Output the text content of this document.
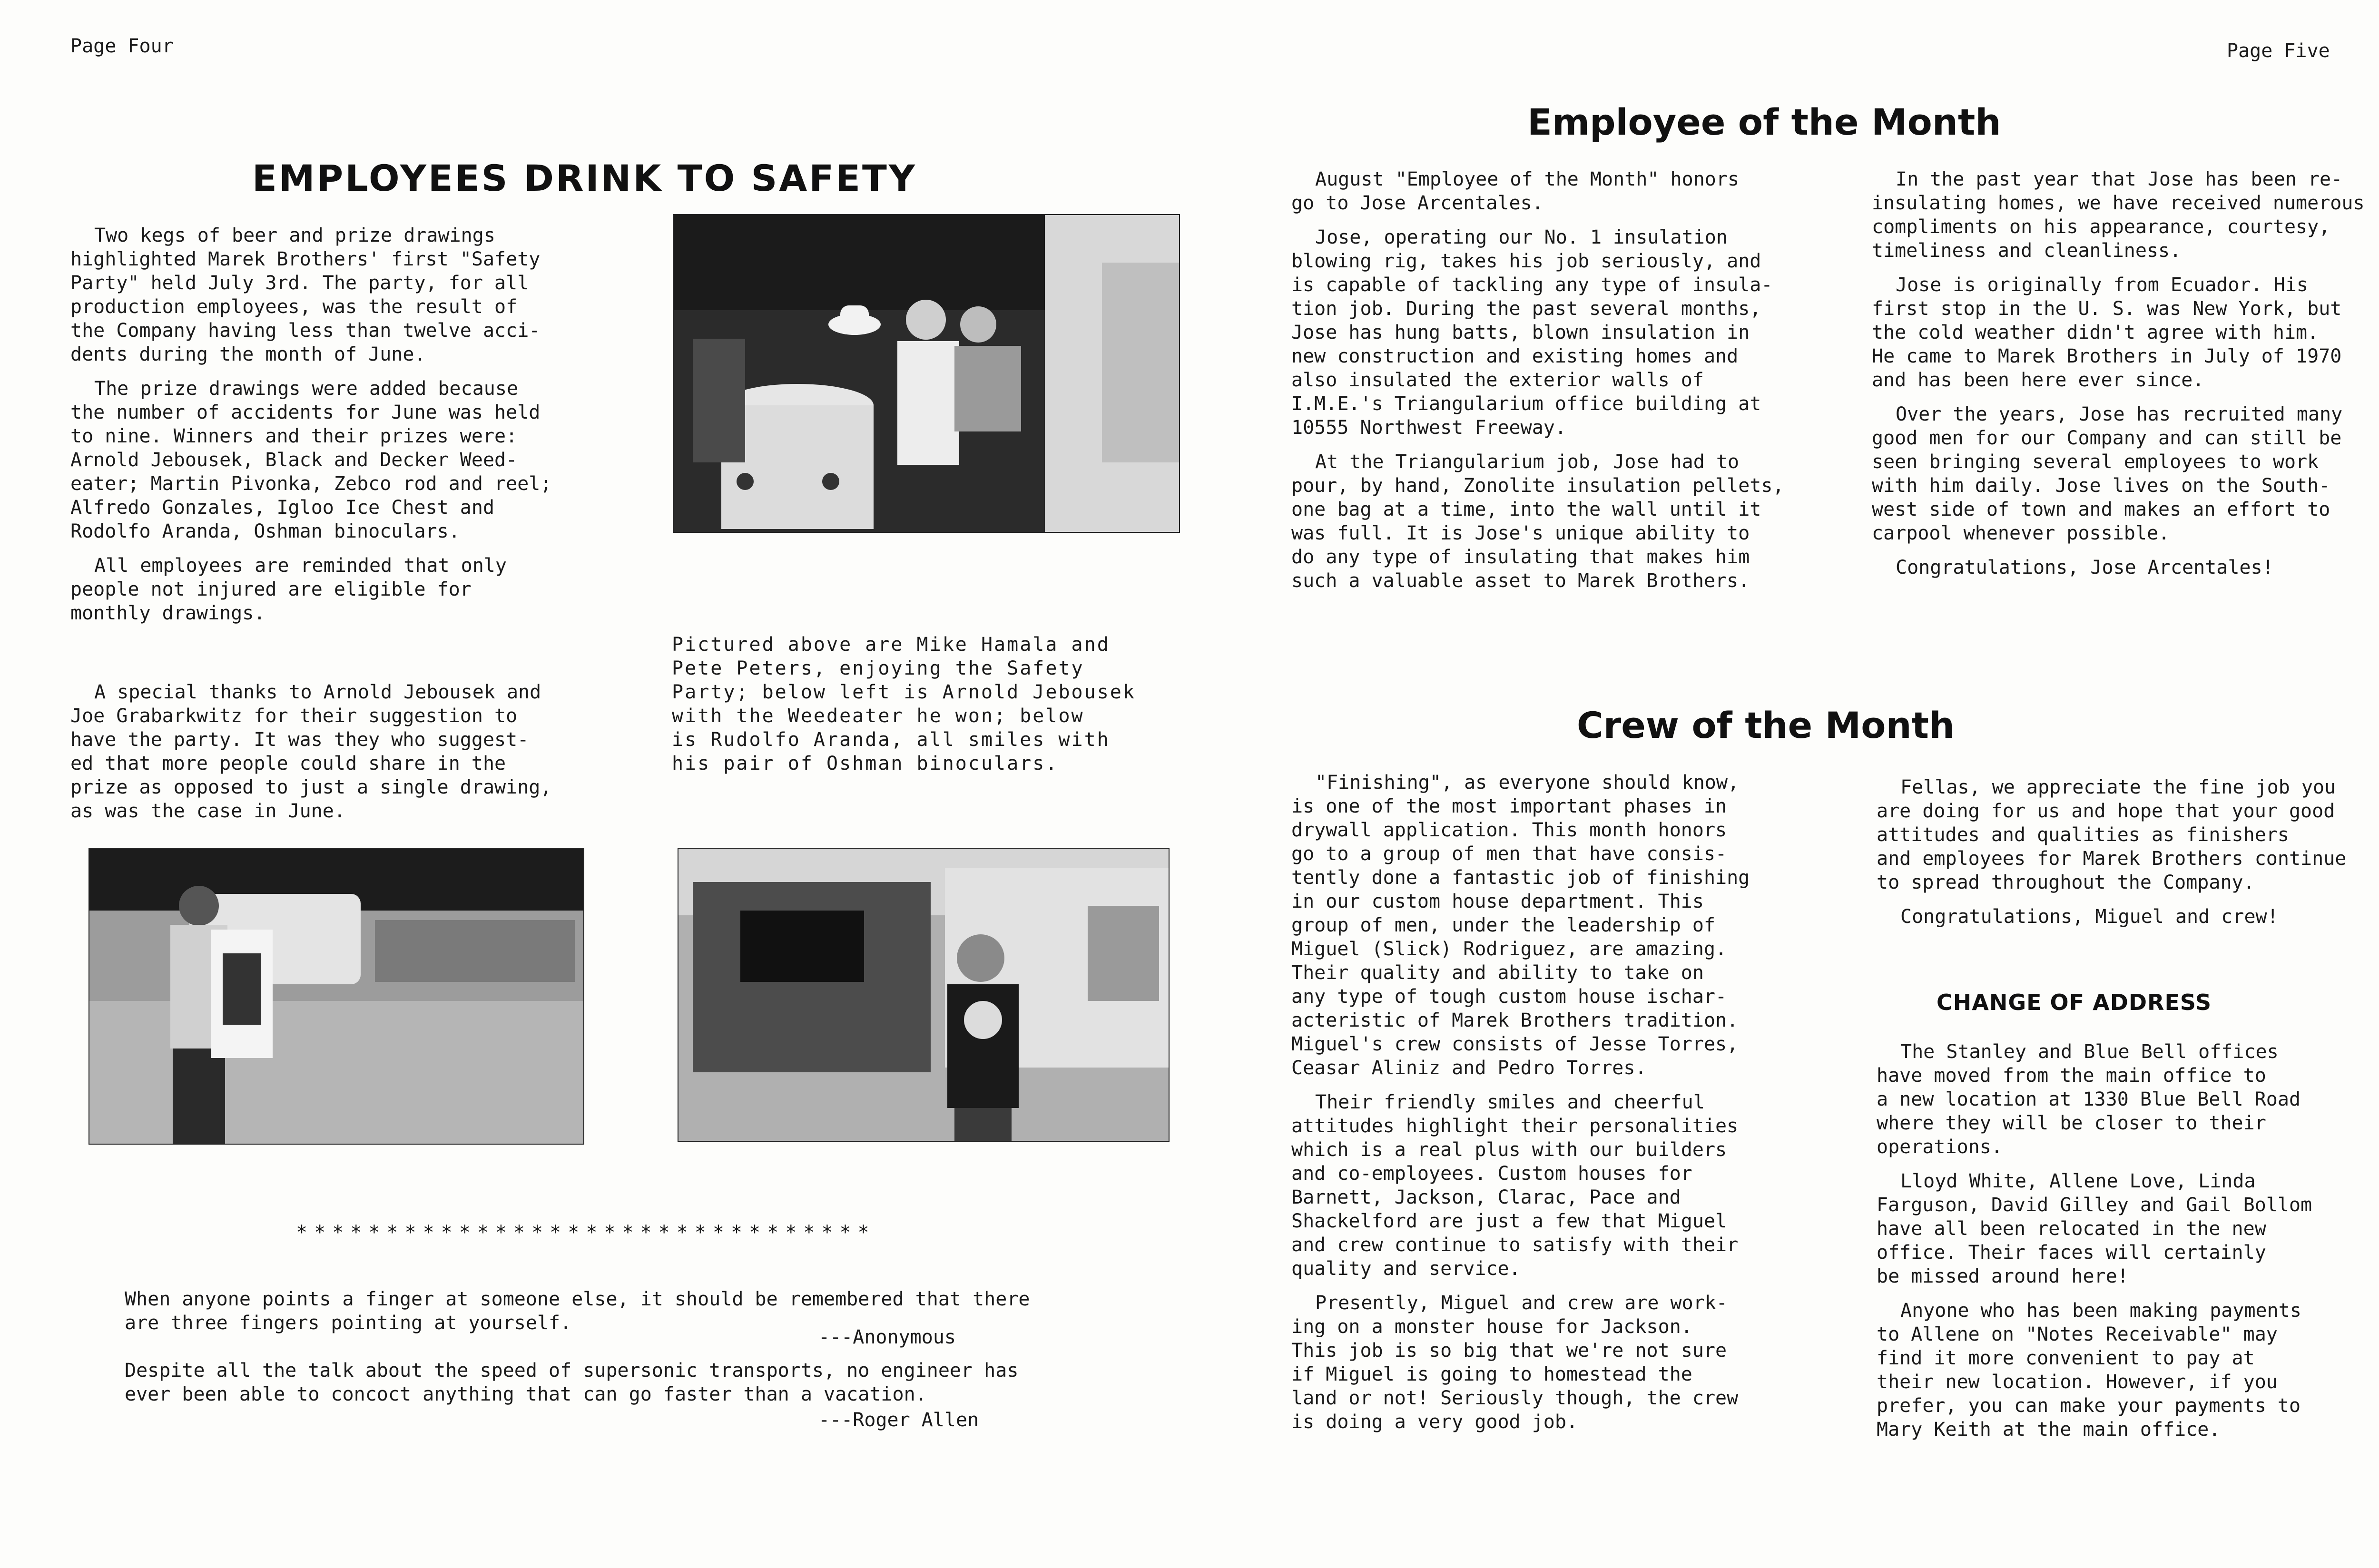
Page Four
EMPLOYEES DRINK TO SAFETY

Two kegs of beer and prize drawings
highlighted Marek Brothers' first "Safety
Party" held July 3rd. The party, for all
production employees, was the result of
the Company having less than twelve acci-
dents during the month of June.

The prize drawings were added because
the number of accidents for June was held
to nine. Winners and their prizes were:
Arnold Jebousek, Black and Decker Weed-
eater; Martin Pivonka, Zebco rod and reel;
Alfredo Gonzales, Igloo Ice Chest and
Rodolfo Aranda, Oshman binoculars.

All employees are reminded that only
people not injured are eligible for
monthly drawings.

A special thanks to Arnold Jebousek and
Joe Grabarkwitz for their suggestion to
have the party. It was they who suggest-
ed that more people could share in the
prize as opposed to just a single drawing,
as was the case in June.

Pictured above are Mike Hamala and
Pete Peters, enjoying the Safety
Party; below left is Arnold Jebousek
with the Weedeater he won; below
is Rudolfo Aranda, all smiles with
his pair of Oshman binoculars.

********************************
When anyone points a finger at someone else, it should be remembered that there
are three fingers pointing at yourself.
---Anonymous
Despite all the talk about the speed of supersonic transports, no engineer has
ever been able to concoct anything that can go faster than a vacation.
---Roger Allen
Page Five
Employee of the Month

August "Employee of the Month" honors
go to Jose Arcentales.

Jose, operating our No. 1 insulation
blowing rig, takes his job seriously, and
is capable of tackling any type of insula-
tion job. During the past several months,
Jose has hung batts, blown insulation in
new construction and existing homes and
also insulated the exterior walls of
I.M.E.'s Triangularium office building at
10555 Northwest Freeway.

At the Triangularium job, Jose had to
pour, by hand, Zonolite insulation pellets,
one bag at a time, into the wall until it
was full. It is Jose's unique ability to
do any type of insulating that makes him
such a valuable asset to Marek Brothers.

In the past year that Jose has been re-
insulating homes, we have received numerous
compliments on his appearance, courtesy,
timeliness and cleanliness.

Jose is originally from Ecuador. His
first stop in the U. S. was New York, but
the cold weather didn't agree with him.
He came to Marek Brothers in July of 1970
and has been here ever since.

Over the years, Jose has recruited many
good men for our Company and can still be
seen bringing several employees to work
with him daily. Jose lives on the South-
west side of town and makes an effort to
carpool whenever possible.

Congratulations, Jose Arcentales!

Crew of the Month

"Finishing", as everyone should know,
is one of the most important phases in
drywall application. This month honors
go to a group of men that have consis-
tently done a fantastic job of finishing
in our custom house department. This
group of men, under the leadership of
Miguel (Slick) Rodriguez, are amazing.
Their quality and ability to take on
any type of tough custom house ischar-
acteristic of Marek Brothers tradition.
Miguel's crew consists of Jesse Torres,
Ceasar Aliniz and Pedro Torres.

Their friendly smiles and cheerful
attitudes highlight their personalities
which is a real plus with our builders
and co-employees. Custom houses for
Barnett, Jackson, Clarac, Pace and
Shackelford are just a few that Miguel
and crew continue to satisfy with their
quality and service.

Presently, Miguel and crew are work-
ing on a monster house for Jackson.
This job is so big that we're not sure
if Miguel is going to homestead the
land or not! Seriously though, the crew
is doing a very good job.

Fellas, we appreciate the fine job you
are doing for us and hope that your good
attitudes and qualities as finishers
and employees for Marek Brothers continue
to spread throughout the Company.

Congratulations, Miguel and crew!

CHANGE OF ADDRESS

The Stanley and Blue Bell offices
have moved from the main office to
a new location at 1330 Blue Bell Road
where they will be closer to their
operations.

Lloyd White, Allene Love, Linda
Farguson, David Gilley and Gail Bollom
have all been relocated in the new
office. Their faces will certainly
be missed around here!

Anyone who has been making payments
to Allene on "Notes Receivable" may
find it more convenient to pay at
their new location. However, if you
prefer, you can make your payments to
Mary Keith at the main office.
